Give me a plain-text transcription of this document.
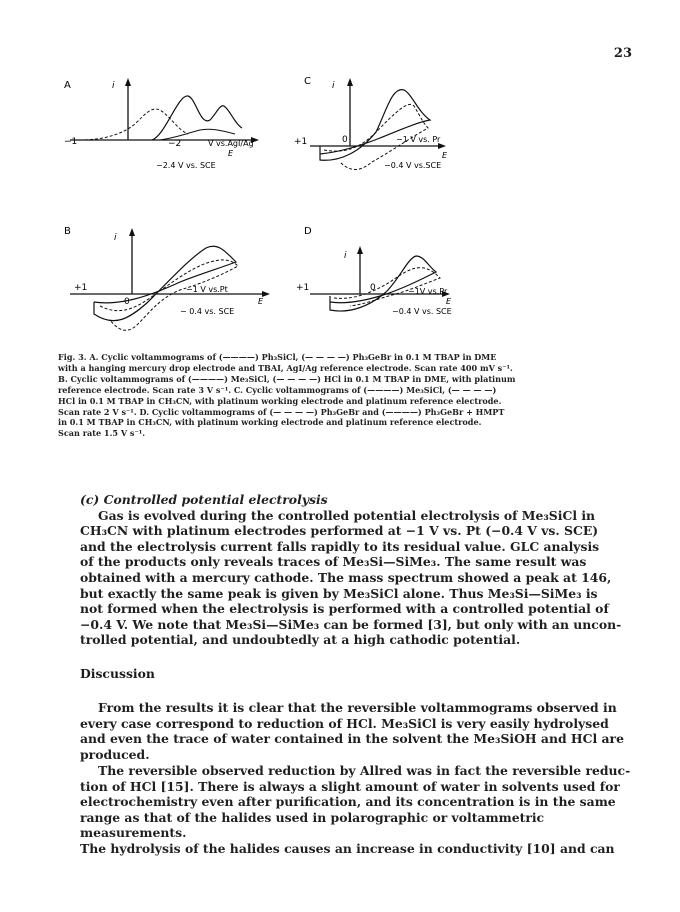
23
A	i
−1	−2	V vs.AgI/Ag
E
−2.4 V vs. SCE
C i
+1	0	−1 V vs. Pr
E
−0.4 V vs.SCE
B
i
+1
0
−1 V vs.Pt
E
− 0.4 vs. SCE
D
i
+1	0	−1V vs.Pr
E
−0.4 V vs. SCE

Fig. 3. A. Cyclic voltammograms of (————) Ph₃SiCl, (— — — —) Ph₃GeBr in 0.1 M TBAP in DME

with a hanging mercury drop electrode and TBAI, AgI/Ag reference electrode. Scan rate 400 mV s⁻¹.

B. Cyclic voltammograms of (————) Me₃SiCl, (— — — —) HCl in 0.1 M TBAP in DME, with platinum

reference electrode. Scan rate 3 V s⁻¹. C. Cyclic voltammograms of (————) Me₃SiCl, (— — — —)

HCl in 0.1 M TBAP in CH₃CN, with platinum working electrode and platinum reference electrode.

Scan rate 2 V s⁻¹. D. Cyclic voltammograms of (— — — —) Ph₃GeBr and (————) Ph₃GeBr + HMPT

in 0.1 M TBAP in CH₃CN, with platinum working electrode and platinum reference electrode.

Scan rate 1.5 V s⁻¹.

(c) Controlled potential electrolysis

Gas is evolved during the controlled potential electrolysis of Me₃SiCl in

CH₃CN with platinum electrodes performed at −1 V vs. Pt (−0.4 V vs. SCE)

and the electrolysis current falls rapidly to its residual value. GLC analysis

of the products only reveals traces of Me₃Si—SiMe₃. The same result was

obtained with a mercury cathode. The mass spectrum showed a peak at 146,

but exactly the same peak is given by Me₃SiCl alone. Thus Me₃Si—SiMe₃ is

not formed when the electrolysis is performed with a controlled potential of

−0.4 V. We note that Me₃Si—SiMe₃ can be formed [3], but only with an uncon-

trolled potential, and undoubtedly at a high cathodic potential.

Discussion

From the results it is clear that the reversible voltammograms observed in

every case correspond to reduction of HCl. Me₃SiCl is very easily hydrolysed

and even the trace of water contained in the solvent the Me₃SiOH and HCl are

produced.

The reversible observed reduction by Allred was in fact the reversible reduc-

tion of HCl [15]. There is always a slight amount of water in solvents used for

electrochemistry even after purification, and its concentration is in the same

range as that of the halides used in polarographic or voltammetric measurements.

The hydrolysis of the halides causes an increase in conductivity [10] and can
